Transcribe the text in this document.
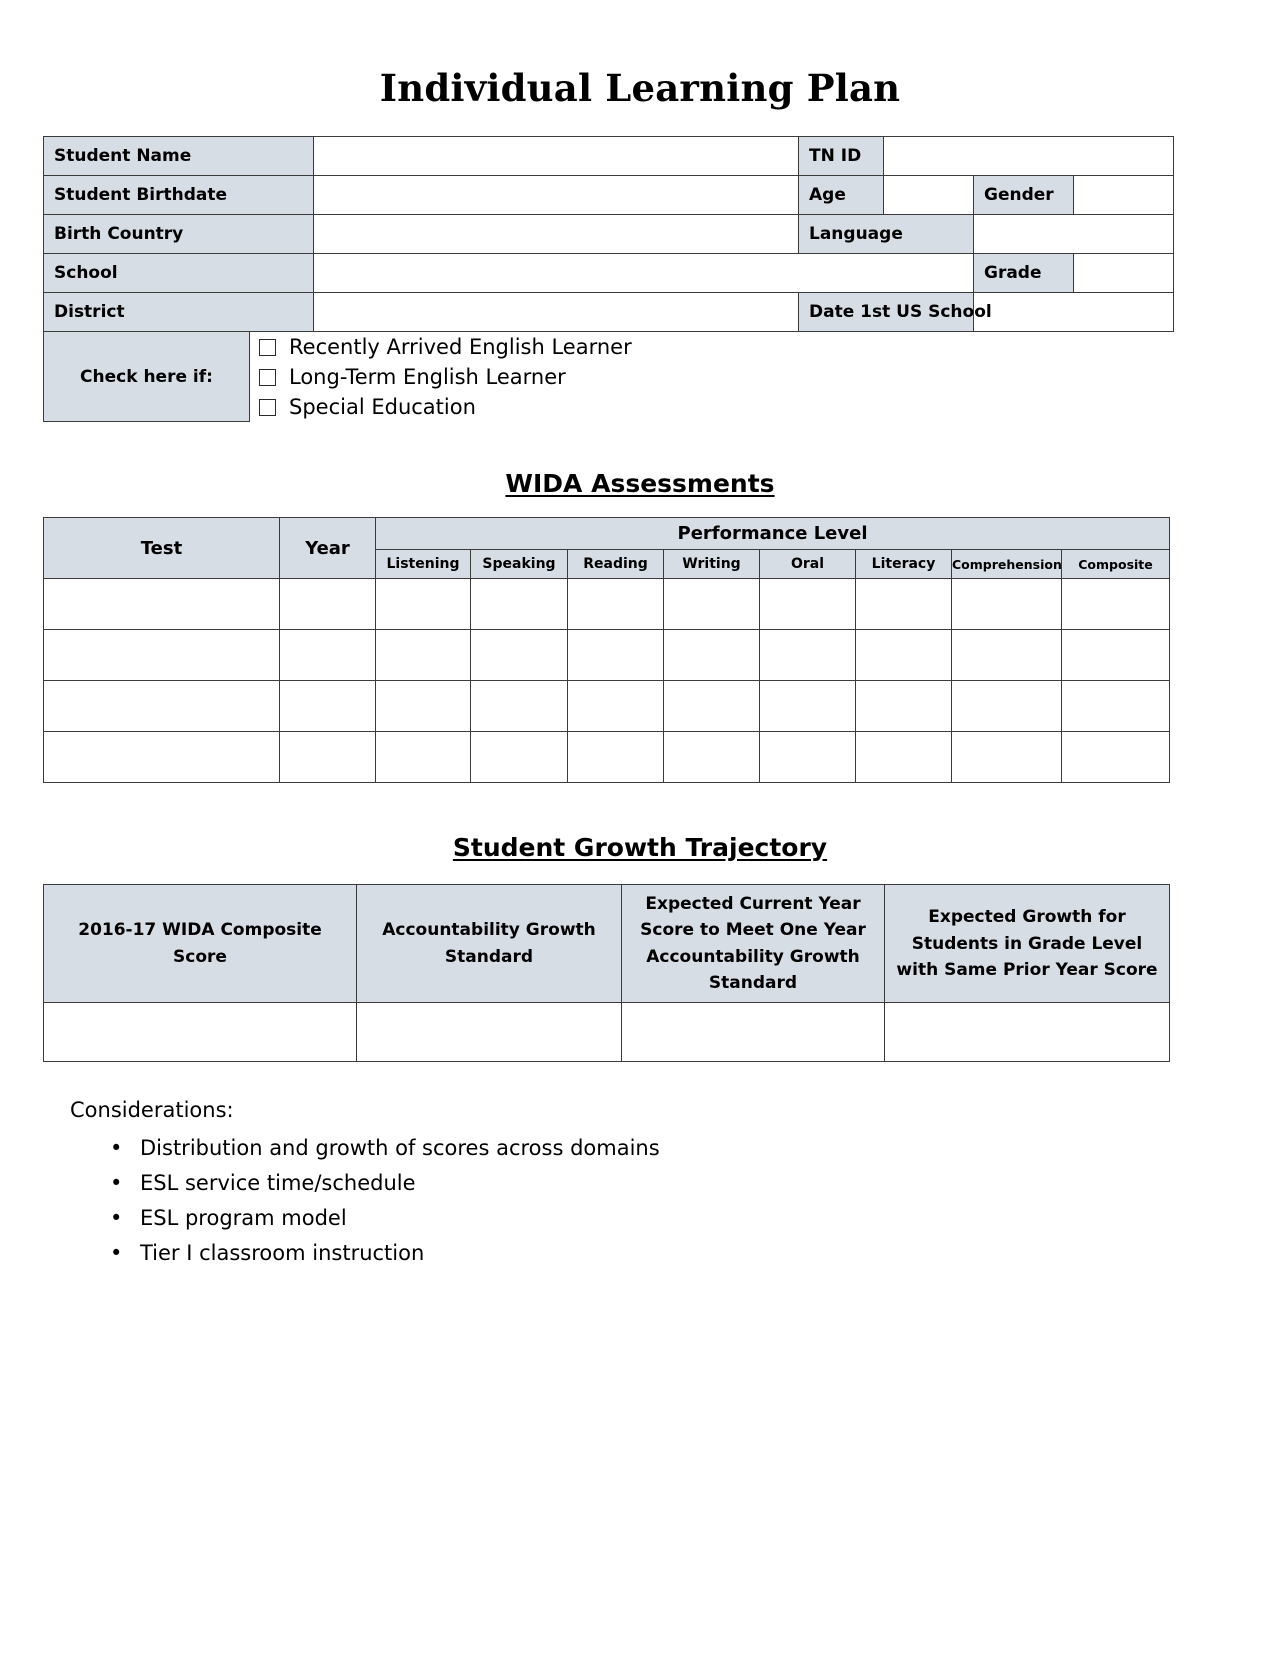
Individual Learning Plan
Student Name		TN ID			
Student Birthdate		Age		Gender	
Birth Country		Language			
School				Grade	
District		Date 1st US School			
Check here if:
Recently Arrived English Learner
Long-Term English Learner
Special Education
WIDA Assessments
Test	Year	Performance Level							
		Listening	Speaking	Reading	Writing	Oral	Literacy	Comprehension	Composite

Student Growth Trajectory
2016-17 WIDA Composite Score	Accountability Growth Standard	Expected Current Year Score to Meet One Year Accountability Growth Standard	Expected Growth for Students in Grade Level with Same Prior Year Score

Considerations:

• Distribution and growth of scores across domains
• ESL service time/schedule
• ESL program model
• Tier I classroom instruction
